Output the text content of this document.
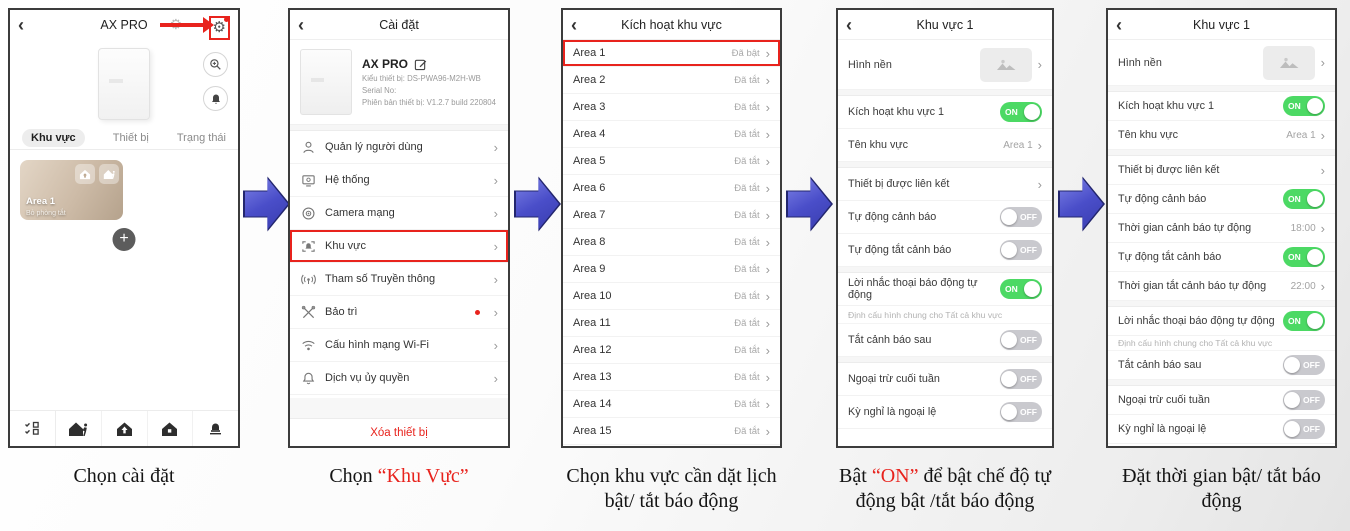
‹
AX PRO
⚙
⚙
Khu vực	Thiết bị	Trạng thái
Area 1
Bỏ phòng tắt
+
Chọn cài đặt
‹
Cài đặt
AX PRO
Kiểu thiết bị: DS-PWA96-M2H-WB
Serial No:
Phiên bản thiết bị: V1.2.7 build 220804
Quản lý người dùng
›
Hệ thống
›
Camera mạng
›
Khu vực
›
Tham số Truyền thông
›
Bảo trì
›
Cấu hình mạng Wi-Fi
›
Dịch vụ ủy quyền
›
Xóa thiết bị
Chọn “Khu Vực”
‹
Kích hoạt khu vực
Area 1	Đã bật
›
Area 2	Đã tắt
›
Area 3	Đã tắt
›
Area 4	Đã tắt
›
Area 5	Đã tắt
›
Area 6	Đã tắt
›
Area 7	Đã tắt
›
Area 8	Đã tắt
›
Area 9	Đã tắt
›
Area 10	Đã tắt
›
Area 11	Đã tắt
›
Area 12	Đã tắt
›
Area 13	Đã tắt
›
Area 14	Đã tắt
›
Area 15	Đã tắt
›
Chọn khu vực cần dặt lịch bật/ tắt báo động
‹
Khu vực 1
Hình nền
›
Kích hoạt khu vực 1	ON
Tên khu vực	Area 1
›
Thiết bị được liên kết
›
Tự động cảnh báo	OFF
Tự động tắt cảnh báo	OFF
Lời nhắc thoại báo động tự động	ON
Định cấu hình chung cho Tất cả khu vực
Tắt cảnh báo sau	OFF
Ngoại trừ cuối tuần	OFF
Kỳ nghỉ là ngoại lệ	OFF
Bật “ON” để bật chế độ tự động bật /tắt báo động
‹
Khu vực 1
Hình nền
›
Kích hoạt khu vực 1	ON
Tên khu vực	Area 1
›
Thiết bị được liên kết
›
Tự động cảnh báo	ON
Thời gian cảnh báo tự động	18:00
›
Tự động tắt cảnh báo	ON
Thời gian tắt cảnh báo tự động	22:00
›
Lời nhắc thoại báo động tự động	ON
Định cấu hình chung cho Tất cả khu vực
Tắt cảnh báo sau	OFF
Ngoại trừ cuối tuần	OFF
Kỳ nghỉ là ngoại lệ	OFF
Đặt thời gian bật/ tắt báo động
